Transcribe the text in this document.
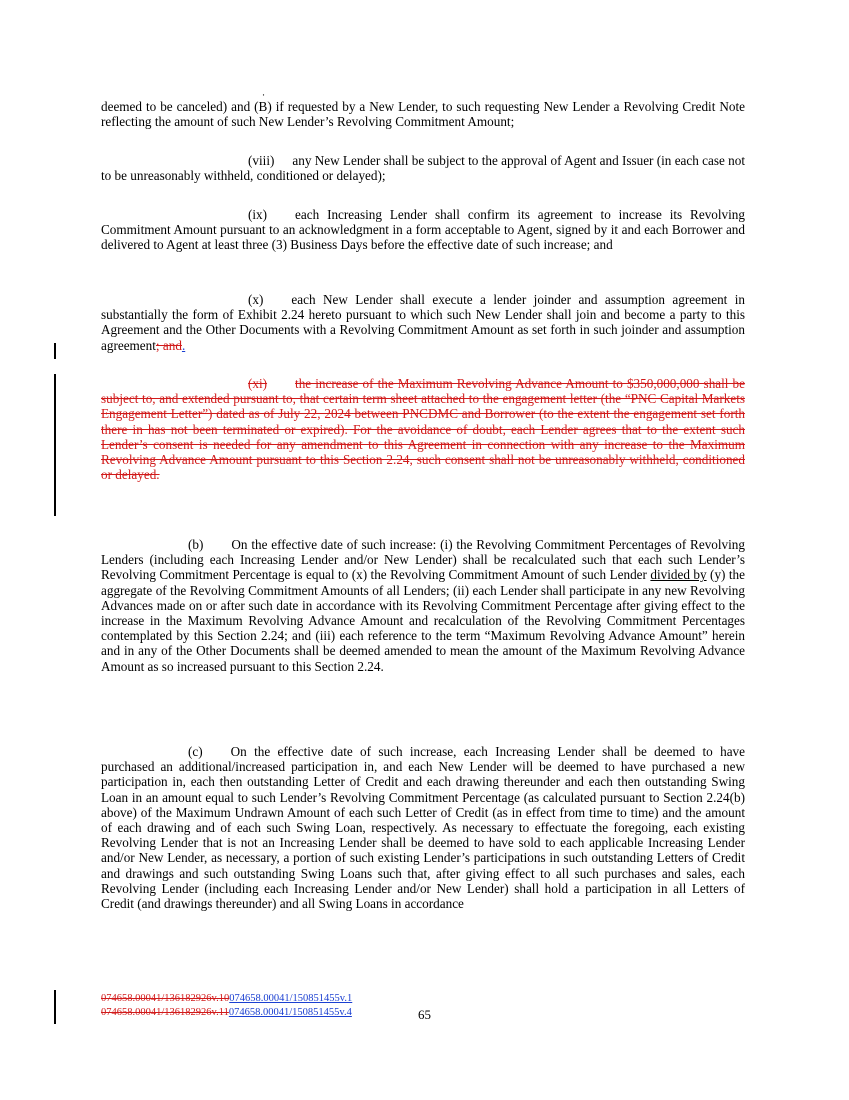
deemed to be canceled) and (˙ B) if requested by a New Lender, to such requesting New Lender a Revolving Credit Note reflecting the amount of such New Lender’s Revolving Commitment Amount;

(viii) any New Lender shall be subject to the approval of Agent and Issuer (in each case not to be unreasonably withheld, conditioned or delayed);

(ix) each Increasing Lender shall confirm its agreement to increase its Revolving Commitment Amount pursuant to an acknowledgment in a form acceptable to Agent, signed by it and each Borrower and delivered to Agent at least three (3) Business Days before the effective date of such increase; and

(x) each New Lender shall execute a lender joinder and assumption agreement in substantially the form of Exhibit 2.24 hereto pursuant to which such New Lender shall join and become a party to this Agreement and the Other Documents with a Revolving Commitment Amount as set forth in such joinder and assumption agreement; and.

(xi) the increase of the Maximum Revolving Advance Amount to $350,000,000 shall be subject to, and extended pursuant to, that certain term sheet attached to the engagement letter (the “PNC Capital Markets Engagement Letter”) dated as of July 22, 2024 between PNCDMC and Borrower (to the extent the engagement set forth there in has not been terminated or expired). For the avoidance of doubt, each Lender agrees that to the extent such Lender’s consent is needed for any amendment to this Agreement in connection with any increase to the Maximum Revolving Advance Amount pursuant to this Section 2.24, such consent shall not be unreasonably withheld, conditioned or delayed.

(b) On the effective date of such increase: (i) the Revolving Commitment Percentages of Revolving Lenders (including each Increasing Lender and/or New Lender) shall be recalculated such that each such Lender’s Revolving Commitment Percentage is equal to (x) the Revolving Commitment Amount of such Lender divided by (y) the aggregate of the Revolving Commitment Amounts of all Lenders; (ii) each Lender shall participate in any new Revolving Advances made on or after such date in accordance with its Revolving Commitment Percentage after giving effect to the increase in the Maximum Revolving Advance Amount and recalculation of the Revolving Commitment Percentages contemplated by this Section 2.24; and (iii) each reference to the term “Maximum Revolving Advance Amount” herein and in any of the Other Documents shall be deemed amended to mean the amount of the Maximum Revolving Advance Amount as so increased pursuant to this Section 2.24.

(c) On the effective date of such increase, each Increasing Lender shall be deemed to have purchased an additional/increased participation in, and each New Lender will be deemed to have purchased a new participation in, each then outstanding Letter of Credit and each drawing thereunder and each then outstanding Swing Loan in an amount equal to such Lender’s Revolving Commitment Percentage (as calculated pursuant to Section 2.24(b) above) of the Maximum Undrawn Amount of each such Letter of Credit (as in effect from time to time) and the amount of each drawing and of each such Swing Loan, respectively. As necessary to effectuate the foregoing, each existing Revolving Lender that is not an Increasing Lender shall be deemed to have sold to each applicable Increasing Lender and/or New Lender, as necessary, a portion of such existing Lender’s participations in such outstanding Letters of Credit and drawings and such outstanding Swing Loans such that, after giving effect to all such purchases and sales, each Revolving Lender (including each Increasing Lender and/or New Lender) shall hold a participation in all Letters of Credit (and drawings thereunder) and all Swing Loans in accordance

65
074658.00041/136182926v.10074658.00041/150851455v.1
074658.00041/136182926v.11074658.00041/150851455v.4
